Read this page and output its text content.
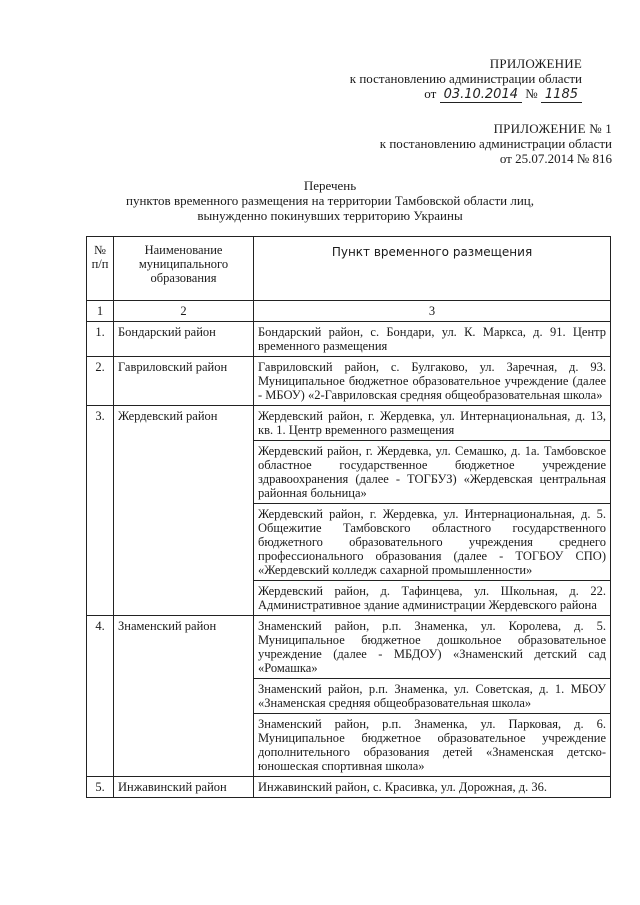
ПРИЛОЖЕНИЕ
к постановлению администрации области
от 03.10.2014 № 1185
ПРИЛОЖЕНИЕ № 1
к постановлению администрации области
от 25.07.2014 № 816
Перечень
пунктов временного размещения на территории Тамбовской области лиц,
вынужденно покинувших территорию Украины
№
п/п	Наименование муниципального образования	Пункт временного размещения
1	2	3
1.	Бондарский район	Бондарский район, с. Бондари, ул. К. Маркса, д. 91. Центр временного размещения
2.	Гавриловский район	Гавриловский район, с. Булгаково, ул. Заречная, д. 93. Муниципальное бюджетное образовательное учреждение (далее - МБОУ) «2-Гавриловская средняя общеобразовательная школа»
3.	Жердевский район	Жердевский район, г. Жердевка, ул. Интернациональная, д. 13, кв. 1. Центр временного размещения
		Жердевский район, г. Жердевка, ул. Семашко, д. 1а. Тамбовское областное государственное бюджетное учреждение здравоохранения (далее - ТОГБУЗ) «Жердевская центральная районная больница»
		Жердевский район, г. Жердевка, ул. Интернациональная, д. 5. Общежитие Тамбовского областного государственного бюджетного образовательного учреждения среднего профессионального образования (далее - ТОГБОУ СПО) «Жердевский колледж сахарной промышленности»
		Жердевский район, д. Тафинцева, ул. Школьная, д. 22. Административное здание администрации Жердевского района
4.	Знаменский район	Знаменский район, р.п. Знаменка, ул. Королева, д. 5. Муниципальное бюджетное дошкольное образовательное учреждение (далее - МБДОУ) «Знаменский детский сад «Ромашка»
		Знаменский район, р.п. Знаменка, ул. Советская, д. 1. МБОУ «Знаменская средняя общеобразовательная школа»
		Знаменский район, р.п. Знаменка, ул. Парковая, д. 6. Муниципальное бюджетное образовательное учреждение дополнительного образования детей «Знаменская детско-юношеская спортивная школа»
5.	Инжавинский район	Инжавинский район, с. Красивка, ул. Дорожная, д. 36.
